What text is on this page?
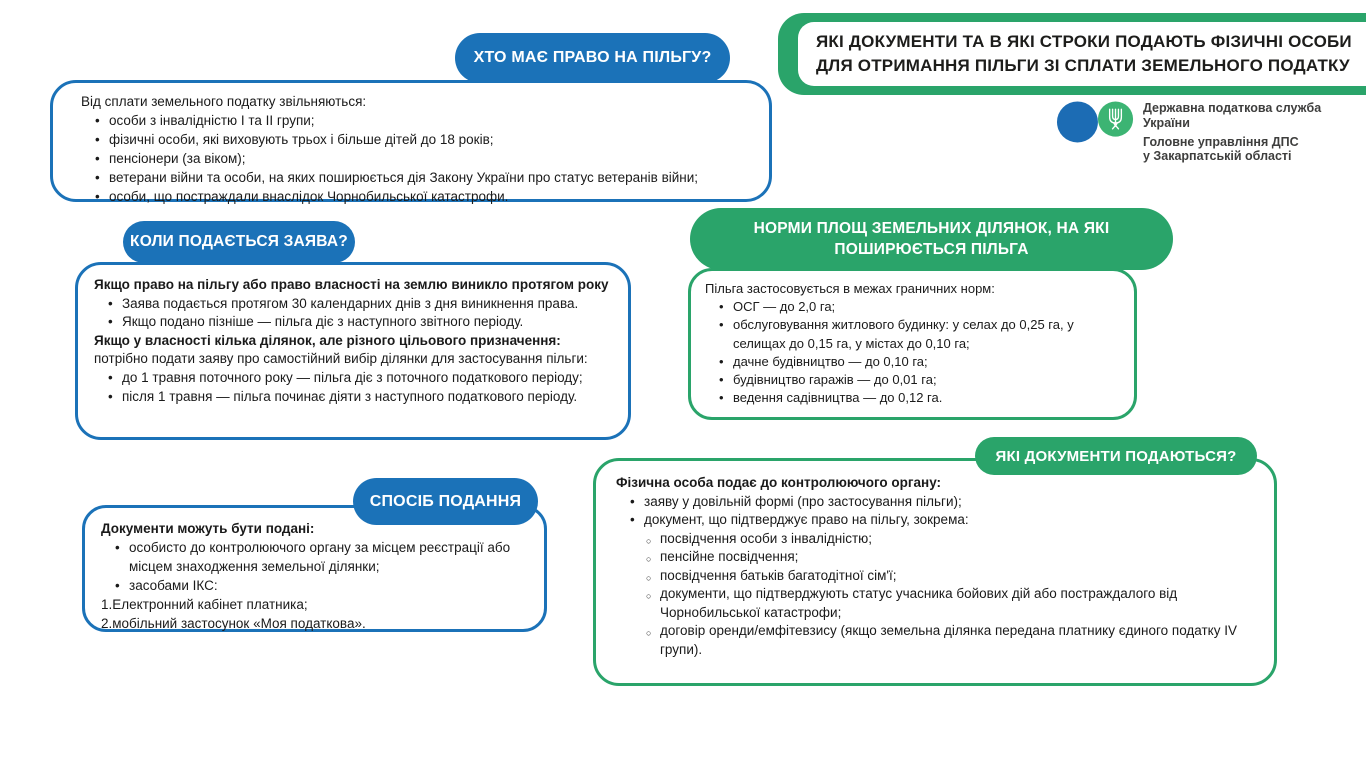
ХТО МАЄ ПРАВО НА ПІЛЬГУ?
Від сплати земельного податку звільняються:
• особи з інвалідністю І та ІІ групи;
• фізичні особи, які виховують трьох і більше дітей до 18 років;
• пенсіонери (за віком);
• ветерани війни та особи, на яких поширюється дія Закону України про статус ветеранів війни;
• особи, що постраждали внаслідок Чорнобильської катастрофи.
ЯКІ ДОКУМЕНТИ ТА В ЯКІ СТРОКИ ПОДАЮТЬ ФІЗИЧНІ ОСОБИ
ДЛЯ ОТРИМАННЯ ПІЛЬГИ ЗІ СПЛАТИ ЗЕМЕЛЬНОГО ПОДАТКУ
Державна податкова служба України
Головне управління ДПС
у Закарпатській області
КОЛИ ПОДАЄТЬСЯ ЗАЯВА?
Якщо право на пільгу або право власності на землю виникло протягом року
• Заява подається протягом 30 календарних днів з дня виникнення права.
• Якщо подано пізніше — пільга діє з наступного звітного періоду.
Якщо у власності кілька ділянок, але різного цільового призначення:
потрібно подати заяву про самостійний вибір ділянки для застосування пільги:
• до 1 травня поточного року — пільга діє з поточного податкового періоду;
• після 1 травня — пільга починає діяти з наступного податкового періоду.
НОРМИ ПЛОЩ ЗЕМЕЛЬНИХ ДІЛЯНОК, НА ЯКІ
ПОШИРЮЄТЬСЯ ПІЛЬГА
Пільга застосовується в межах граничних норм:
• ОСГ — до 2,0 га;
• обслуговування житлового будинку: у селах до 0,25 га, у селищах до 0,15 га, у містах до 0,10 га;
• дачне будівництво — до 0,10 га;
• будівництво гаражів — до 0,01 га;
• ведення садівництва — до 0,12 га.
СПОСІБ ПОДАННЯ
Документи можуть бути подані:
• особисто до контролюючого органу за місцем реєстрації або місцем знаходження земельної ділянки;
• засобами ІКС:
1.Електронний кабінет платника;
2.мобільний застосунок «Моя податкова».
ЯКІ ДОКУМЕНТИ ПОДАЮТЬСЯ?
Фізична особа подає до контролюючого органу:
• заяву у довільній формі (про застосування пільги);
• документ, що підтверджує право на пільгу, зокрема:
○ посвідчення особи з інвалідністю;
○ пенсійне посвідчення;
○ посвідчення батьків багатодітної сім'ї;
○ документи, що підтверджують статус учасника бойових дій або постраждалого від Чорнобильської катастрофи;
○ договір оренди/емфітевзису (якщо земельна ділянка передана платнику єдиного податку ІV групи).
